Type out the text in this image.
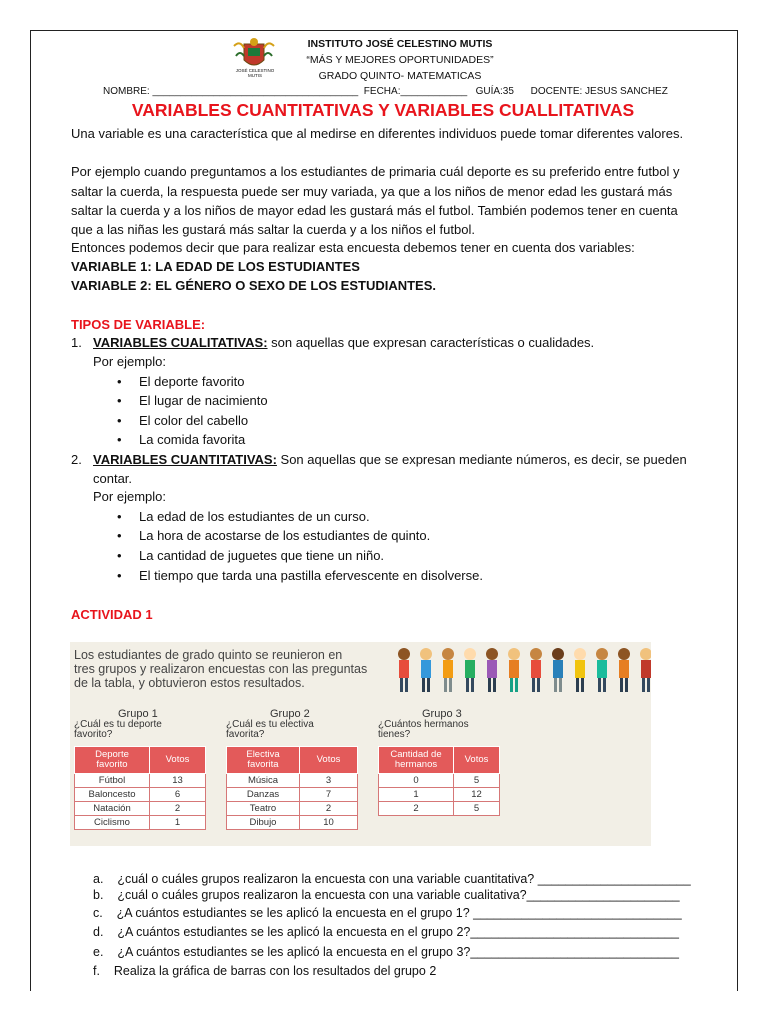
JOSÉ CELESTINO MUTIS
INSTITUTO JOSÉ CELESTINO MUTIS
“MÁS Y MEJORES OPORTUNIDADES”
GRADO QUINTO- MATEMATICAS
NOMBRE: _____________________________________ FECHA:____________ GUÍA:35 DOCENTE: JESUS SANCHEZ
VARIABLES CUANTITATIVAS Y VARIABLES CUALLITATIVAS
Una variable es una característica que al medirse en diferentes individuos puede tomar diferentes valores.
Por ejemplo cuando preguntamos a los estudiantes de primaria cuál deporte es su preferido entre futbol y
saltar la cuerda, la respuesta puede ser muy variada, ya que a los niños de menor edad les gustará más
saltar la cuerda y a los niños de mayor edad les gustará más el futbol. También podemos tener en cuenta
que a las niñas les gustará más saltar la cuerda y a los niños el futbol.
Entonces podemos decir que para realizar esta encuesta debemos tener en cuenta dos variables:
VARIABLE 1: LA EDAD DE LOS ESTUDIANTES
VARIABLE 2: EL GÉNERO O SEXO DE LOS ESTUDIANTES.
TIPOS DE VARIABLE:
1. VARIABLES CUALITATIVAS: son aquellas que expresan características o cualidades.
Por ejemplo:
• El deporte favorito
• El lugar de nacimiento
• El color del cabello
• La comida favorita
2. VARIABLES CUANTITATIVAS: Son aquellas que se expresan mediante números, es decir, se pueden
contar.
Por ejemplo:
• La edad de los estudiantes de un curso.
• La hora de acostarse de los estudiantes de quinto.
• La cantidad de juguetes que tiene un niño.
• El tiempo que tarda una pastilla efervescente en disolverse.
ACTIVIDAD 1
Los estudiantes de grado quinto se reunieron en
tres grupos y realizaron encuestas con las preguntas
de la tabla, y obtuvieron estos resultados.
Grupo 1
¿Cuál es tu deporte
favorito?
Deporte
favorito	Votos
Fútbol	13
Baloncesto	6
Natación	2
Ciclismo	1
Grupo 2
¿Cuál es tu electiva
favorita?
Electiva
favorita	Votos
Música	3
Danzas	7
Teatro	2
Dibujo	10
Grupo 3
¿Cuántos hermanos
tienes?
Cantidad de
hermanos	Votos
0	5
1	12
2	5
a. ¿cuál o cuáles grupos realizaron la encuesta con una variable cuantitativa? ______________________
b. ¿cuál o cuáles grupos realizaron la encuesta con una variable cualitativa?______________________
c. ¿A cuántos estudiantes se les aplicó la encuesta en el grupo 1? ______________________________
d. ¿A cuántos estudiantes se les aplicó la encuesta en el grupo 2?______________________________
e. ¿A cuántos estudiantes se les aplicó la encuesta en el grupo 3?______________________________
f. Realiza la gráfica de barras con los resultados del grupo 2
